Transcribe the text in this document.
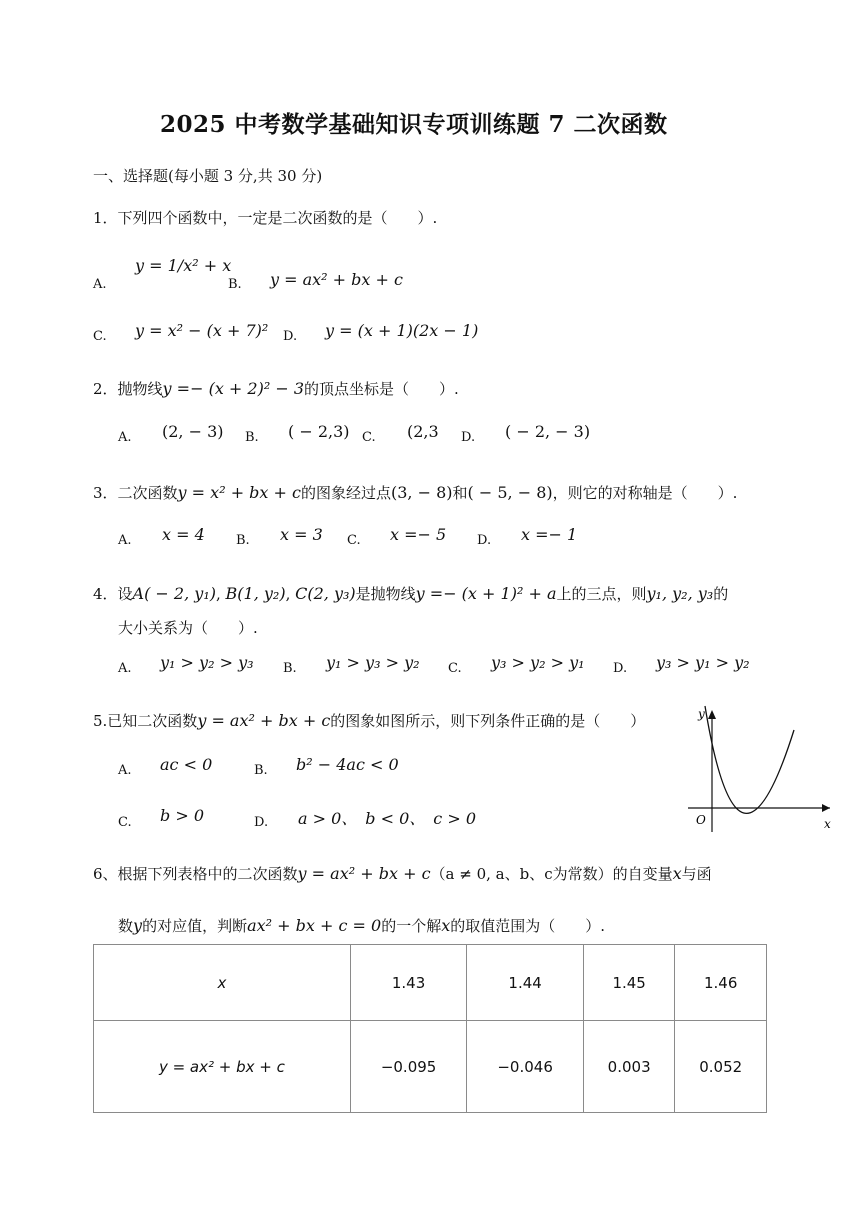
2025 中考数学基础知识专项训练题 7 二次函数
一、选择题(每小题 3 分,共 30 分)
1．下列四个函数中，一定是二次函数的是（　　）.
A.
y = 1/x² + x
B. y = ax² + bx + c
C. y = x² − (x + 7)² D. y = (x + 1)(2x − 1)
2．抛物线y =− (x + 2)² − 3的顶点坐标是（　　）.
A. (2, − 3) B. ( − 2,3) C. (2,3 D. ( − 2, − 3)
3．二次函数y = x² + bx + c的图象经过点(3, − 8)和( − 5, − 8)，则它的对称轴是（　　）.
A. x = 4 B. x = 3 C. x =− 5 D. x =− 1
4．设A( − 2, y₁), B(1, y₂), C(2, y₃)是抛物线y =− (x + 1)² + a上的三点，则y₁, y₂, y₃的
大小关系为（　　）.
A. y₁ > y₂ > y₃ B. y₁ > y₃ > y₂ C. y₃ > y₂ > y₁ D. y₃ > y₁ > y₂
5.已知二次函数y = ax² + bx + c的图象如图所示，则下列条件正确的是（　　）
A. ac < 0	B. b² − 4ac < 0
C. b > 0	D. a > 0、　b < 0、　c > 0
y
x
O
6、根据下列表格中的二次函数y = ax² + bx + c（a ≠ 0, a、b、c为常数）的自变量x与函
数y的对应值，判断ax² + bx + c = 0的一个解x的取值范围为（　　）.
x	1.43	1.44	1.45	1.46
y = ax² + bx + c	−0.095	−0.046	0.003	0.052
